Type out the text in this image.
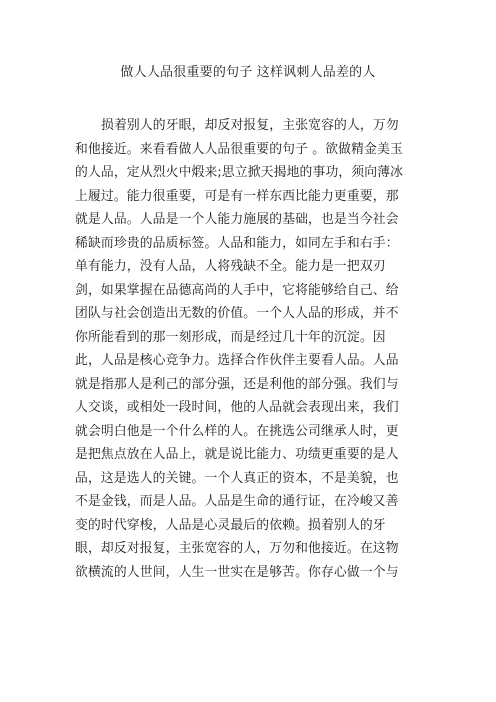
做人人品很重要的句子 这样讽刺人品差的人
损着别人的牙眼，却反对报复，主张宽容的人，万勿
和他接近。来看看做人人品很重要的句子 。欲做精金美玉
的人品，定从烈火中煅来;思立掀天揭地的事功，须向薄冰
上履过。能力很重要，可是有一样东西比能力更重要，那
就是人品。人品是一个人能力施展的基础，也是当今社会
稀缺而珍贵的品质标签。人品和能力，如同左手和右手：
单有能力，没有人品，人将残缺不全。能力是一把双刃
剑，如果掌握在品德高尚的人手中，它将能够给自己、给
团队与社会创造出无数的价值。一个人人品的形成，并不
你所能看到的那一刻形成，而是经过几十年的沉淀。因
此，人品是核心竞争力。选择合作伙伴主要看人品。人品
就是指那人是利己的部分强，还是利他的部分强。我们与
人交谈，或相处一段时间，他的人品就会表现出来，我们
就会明白他是一个什么样的人。在挑选公司继承人时，更
是把焦点放在人品上，就是说比能力、功绩更重要的是人
品，这是选人的关键。一个人真正的资本，不是美貌，也
不是金钱，而是人品。人品是生命的通行证，在冷峻又善
变的时代穿梭，人品是心灵最后的依赖。损着别人的牙
眼，却反对报复，主张宽容的人，万勿和他接近。在这物
欲横流的人世间，人生一世实在是够苦。你存心做一个与
